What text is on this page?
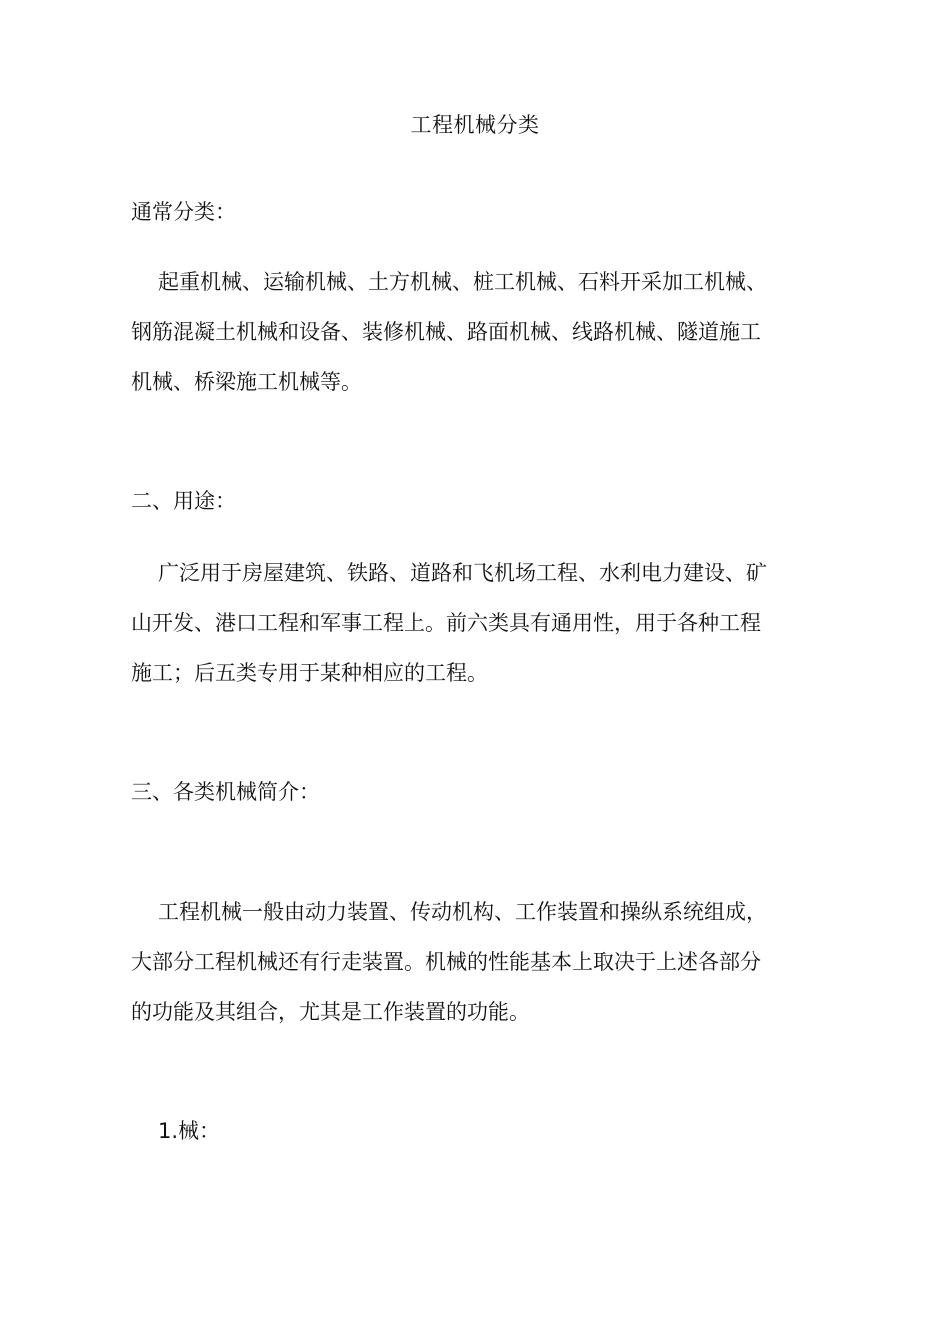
工程机械分类
通常分类：
起重机械、运输机械、土方机械、桩工机械、石料开采加工机械、
钢筋混凝土机械和设备、装修机械、路面机械、线路机械、隧道施工
机械、桥梁施工机械等。
二、用途：
广泛用于房屋建筑、铁路、道路和飞机场工程、水利电力建设、矿
山开发、港口工程和军事工程上。前六类具有通用性，用于各种工程
施工；后五类专用于某种相应的工程。
三、各类机械简介：
工程机械一般由动力装置、传动机构、工作装置和操纵系统组成，
大部分工程机械还有行走装置。机械的性能基本上取决于上述各部分
的功能及其组合，尤其是工作装置的功能。
1.械：
